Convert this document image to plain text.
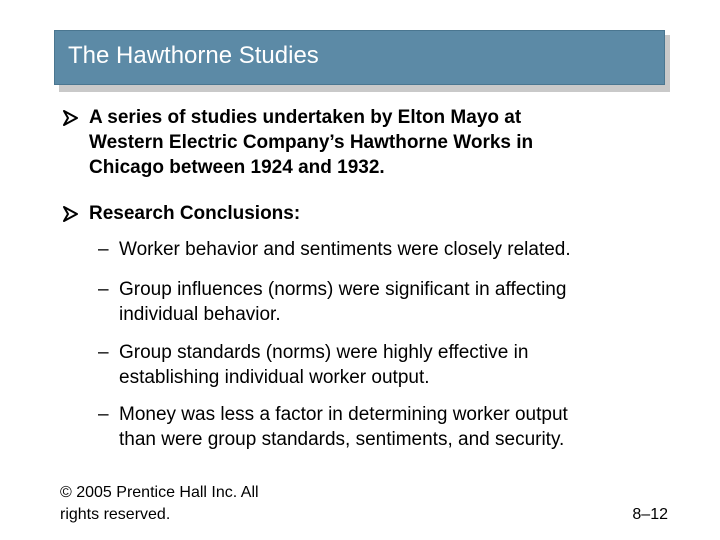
The Hawthorne Studies
A series of studies undertaken by Elton Mayo at
Western Electric Company’s Hawthorne Works in
Chicago between 1924 and 1932.
Research Conclusions:
– Worker behavior and sentiments were closely related.
– Group influences (norms) were significant in affecting
individual behavior.
– Group standards (norms) were highly effective in
establishing individual worker output.
– Money was less a factor in determining worker output
than were group standards, sentiments, and security.
© 2005 Prentice Hall Inc. All
rights reserved.	8–12
